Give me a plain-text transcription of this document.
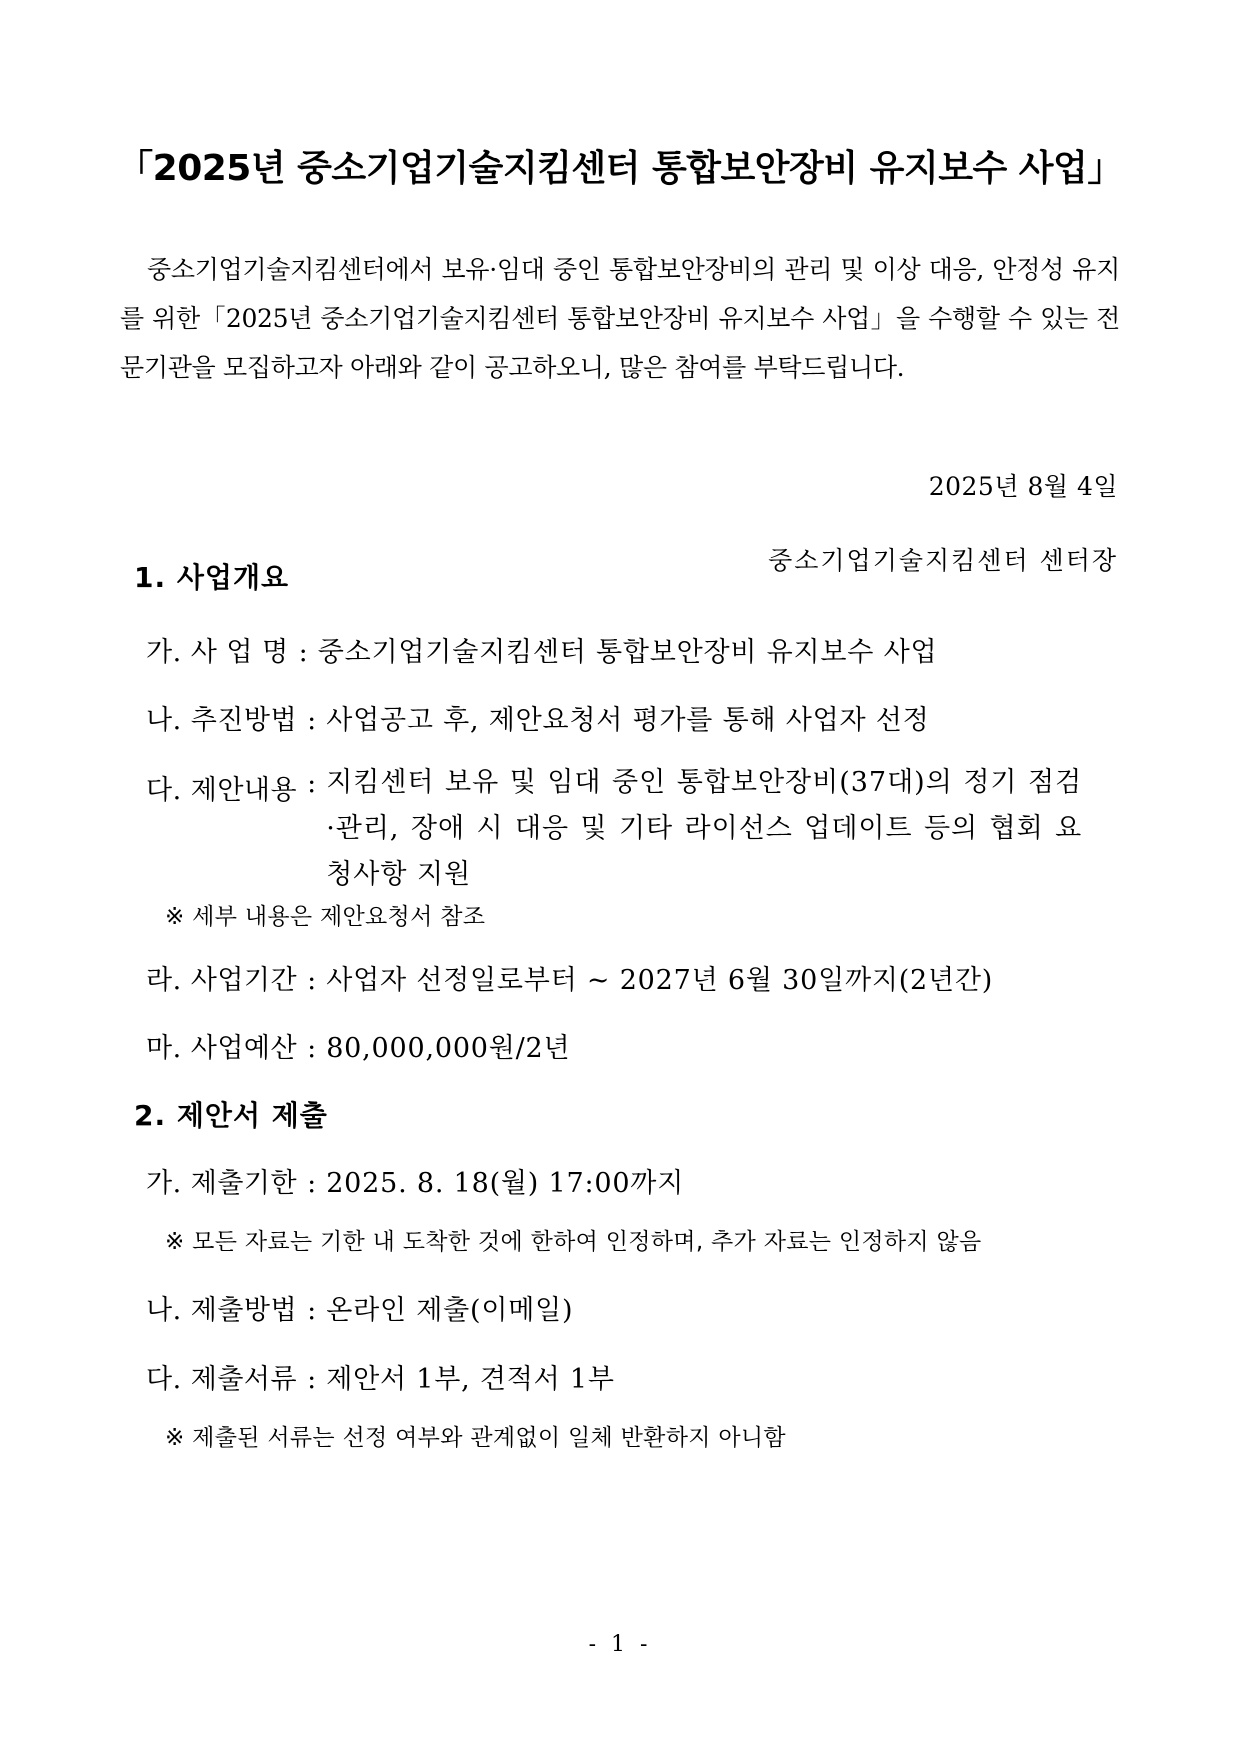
「2025년 중소기업기술지킴센터 통합보안장비 유지보수 사업」

중소기업기술지킴센터에서 보유·임대 중인 통합보안장비의 관리 및 이상 대응, 안정성 유지를 위한「2025년 중소기업기술지킴센터 통합보안장비 유지보수 사업」을 수행할 수 있는 전문기관을 모집하고자 아래와 같이 공고하오니, 많은 참여를 부탁드립니다.

2025년 8월 4일
중소기업기술지킴센터 센터장
1. 사업개요
가. 사 업 명 : 중소기업기술지킴센터 통합보안장비 유지보수 사업
나. 추진방법 : 사업공고 후, 제안요청서 평가를 통해 사업자 선정
다. 제안내용 : 지킴센터 보유 및 임대 중인 통합보안장비(37대)의 정기 점검·관리, 장애 시 대응 및 기타 라이선스 업데이트 등의 협회 요청사항 지원
※ 세부 내용은 제안요청서 참조
라. 사업기간 : 사업자 선정일로부터 ~ 2027년 6월 30일까지(2년간)
마. 사업예산 : 80,000,000원/2년
2. 제안서 제출
가. 제출기한 : 2025. 8. 18(월) 17:00까지
※ 모든 자료는 기한 내 도착한 것에 한하여 인정하며, 추가 자료는 인정하지 않음
나. 제출방법 : 온라인 제출(이메일)
다. 제출서류 : 제안서 1부, 견적서 1부
※ 제출된 서류는 선정 여부와 관계없이 일체 반환하지 아니함
- 1 -
